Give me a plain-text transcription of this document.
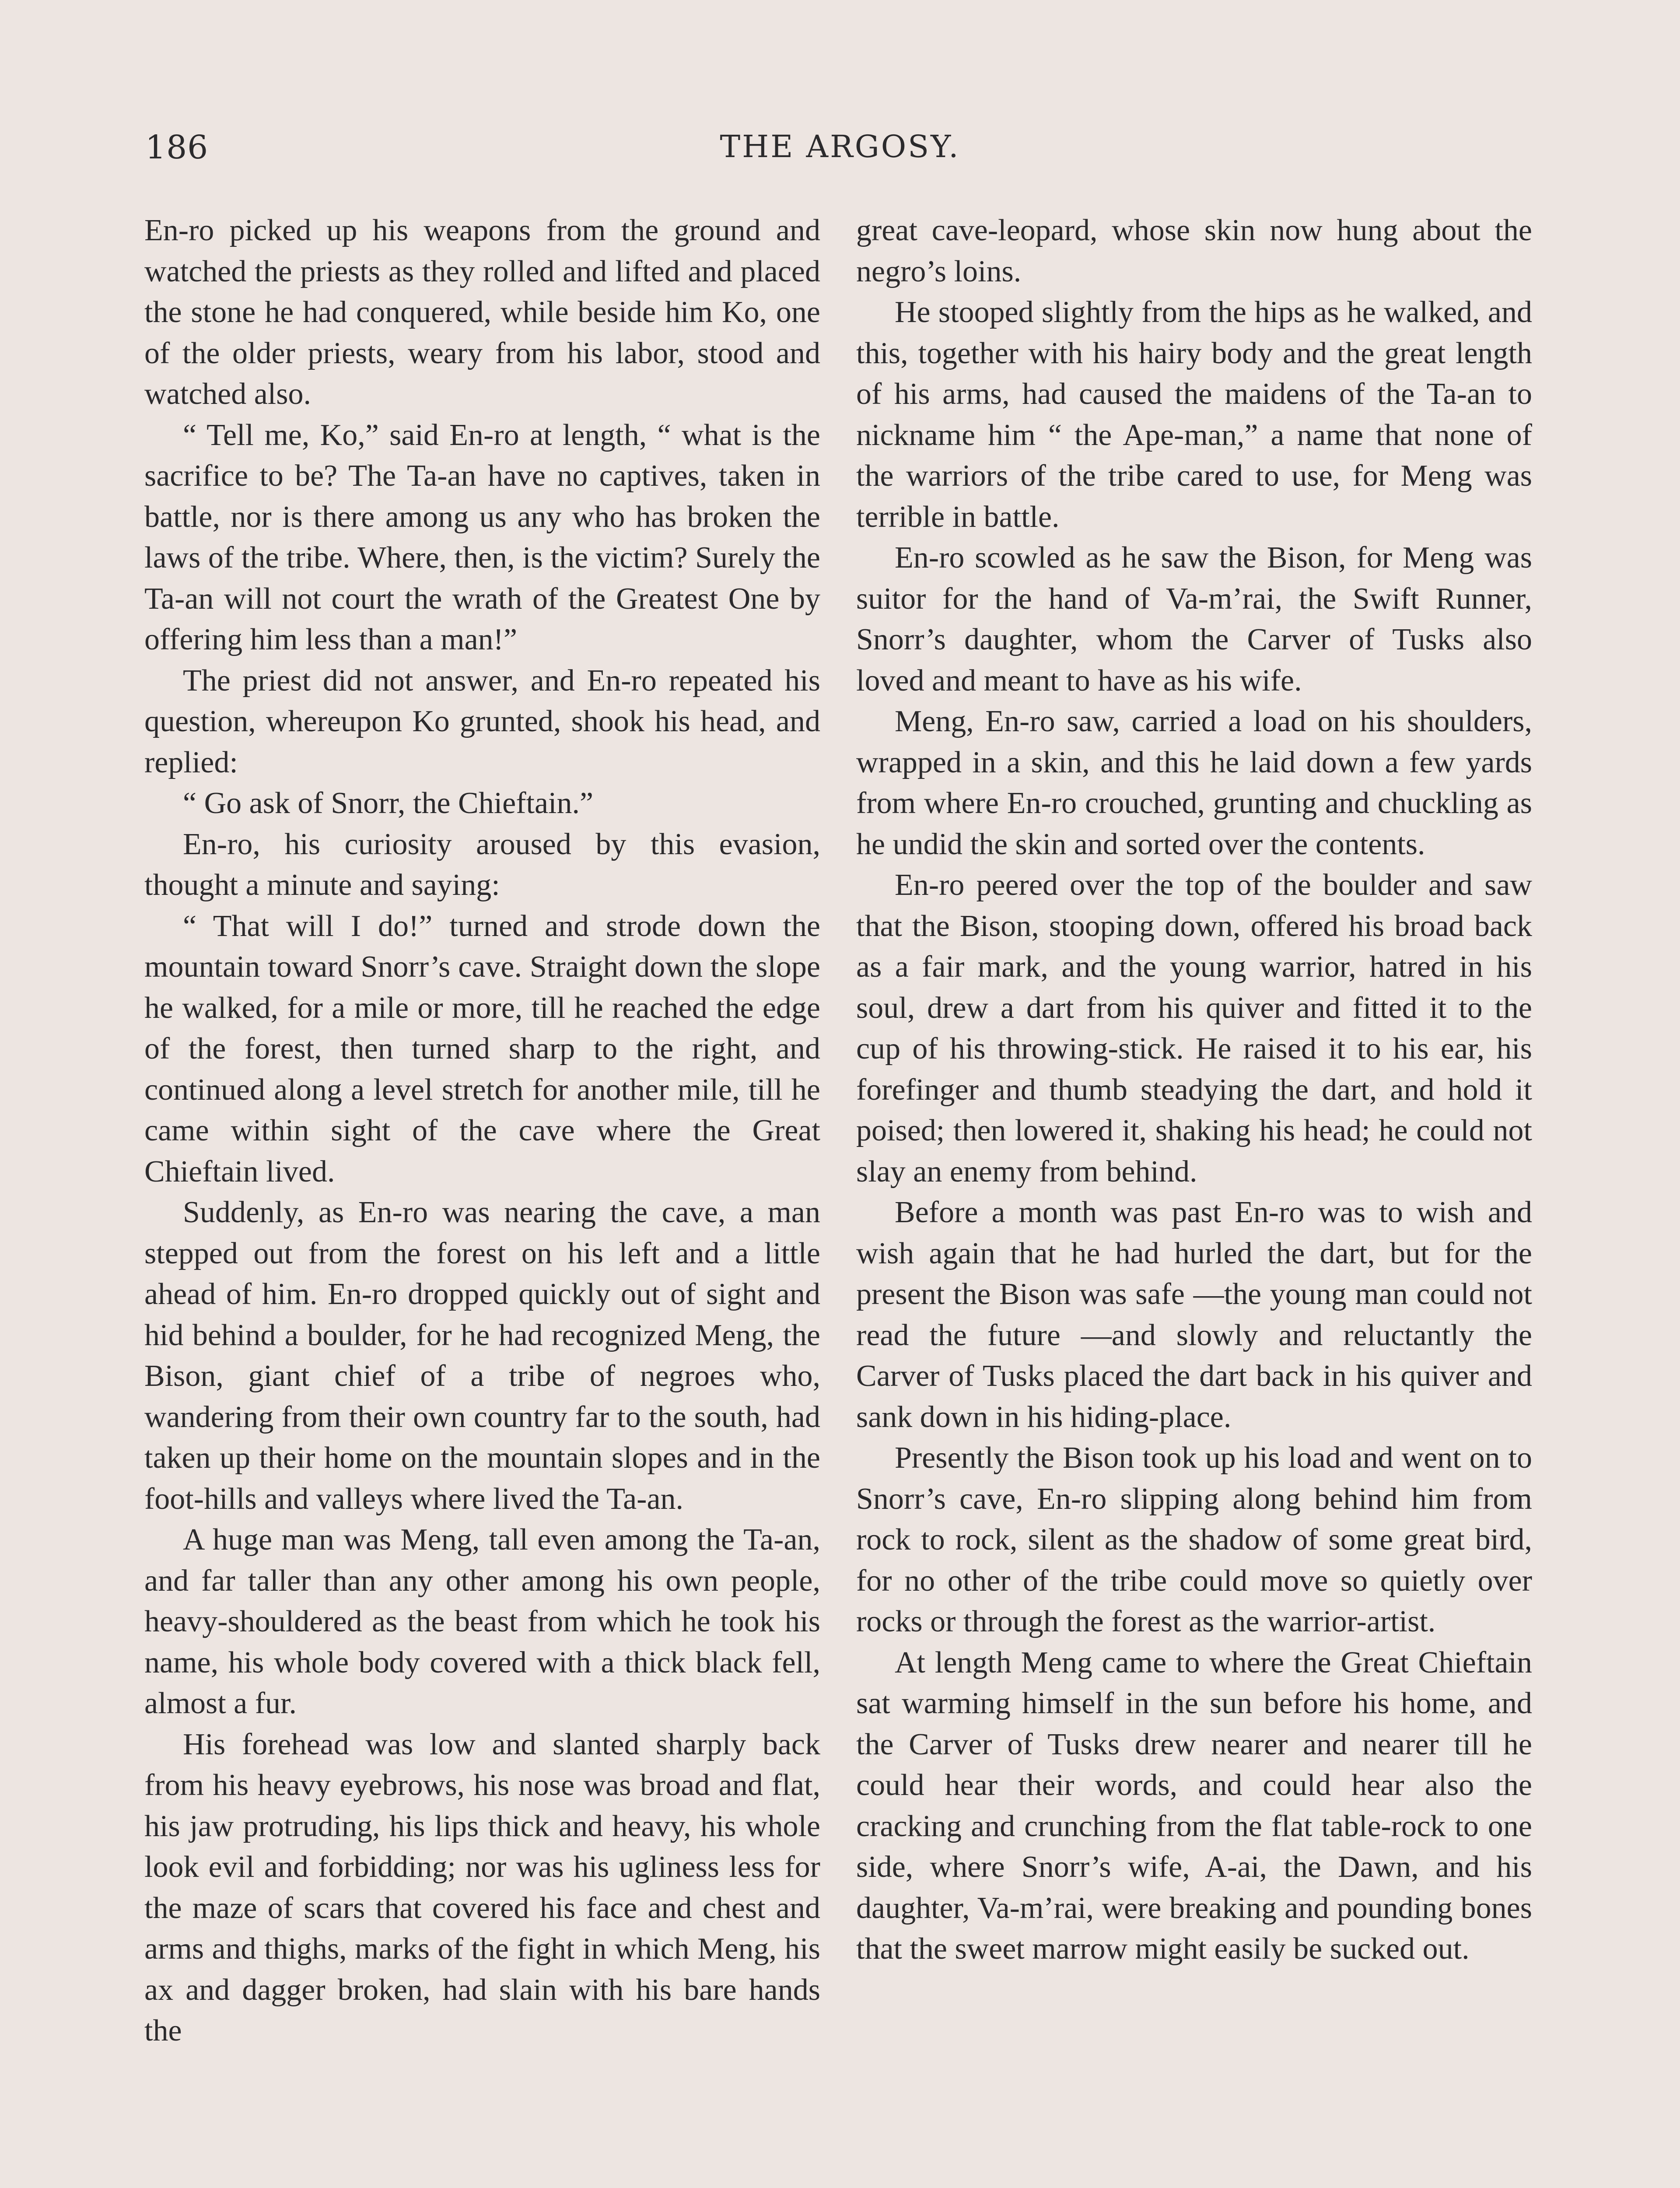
186	THE ARGOSY.

En-ro picked up his weapons from the ground and watched the priests as they rolled and lifted and placed the stone he had conquered, while beside him Ko, one of the older priests, weary from his labor, stood and watched also.

“ Tell me, Ko,” said En-ro at length, “ what is the sacrifice to be? The Ta-an have no captives, taken in battle, nor is there among us any who has broken the laws of the tribe. Where, then, is the victim? Surely the Ta-an will not court the wrath of the Greatest One by offering him less than a man!”

The priest did not answer, and En-ro repeated his question, whereupon Ko grunted, shook his head, and replied:

“ Go ask of Snorr, the Chieftain.”

En-ro, his curiosity aroused by this evasion, thought a minute and saying:

“ That will I do!” turned and strode down the mountain toward Snorr’s cave. Straight down the slope he walked, for a mile or more, till he reached the edge of the forest, then turned sharp to the right, and continued along a level stretch for another mile, till he came within sight of the cave where the Great Chieftain lived.

Suddenly, as En-ro was nearing the cave, a man stepped out from the forest on his left and a little ahead of him. En-ro dropped quickly out of sight and hid behind a boulder, for he had recognized Meng, the Bison, giant chief of a tribe of negroes who, wandering from their own country far to the south, had taken up their home on the mountain slopes and in the foot-hills and valleys where lived the Ta-an.

A huge man was Meng, tall even among the Ta-an, and far taller than any other among his own people, heavy-shouldered as the beast from which he took his name, his whole body covered with a thick black fell, almost a fur.

His forehead was low and slanted sharply back from his heavy eyebrows, his nose was broad and flat, his jaw protruding, his lips thick and heavy, his whole look evil and forbidding; nor was his ugliness less for the maze of scars that covered his face and chest and arms and thighs, marks of the fight in which Meng, his ax and dagger broken, had slain with his bare hands the

great cave-leopard, whose skin now hung about the negro’s loins.

He stooped slightly from the hips as he walked, and this, together with his hairy body and the great length of his arms, had caused the maidens of the Ta-an to nickname him “ the Ape-man,” a name that none of the warriors of the tribe cared to use, for Meng was terrible in battle.

En-ro scowled as he saw the Bison, for Meng was suitor for the hand of Va-m’rai, the Swift Runner, Snorr’s daughter, whom the Carver of Tusks also loved and meant to have as his wife.

Meng, En-ro saw, carried a load on his shoulders, wrapped in a skin, and this he laid down a few yards from where En-ro crouched, grunting and chuckling as he undid the skin and sorted over the contents.

En-ro peered over the top of the boulder and saw that the Bison, stooping down, offered his broad back as a fair mark, and the young warrior, hatred in his soul, drew a dart from his quiver and fitted it to the cup of his throwing-stick. He raised it to his ear, his forefinger and thumb steadying the dart, and hold it poised; then lowered it, shaking his head; he could not slay an enemy from behind.

Before a month was past En-ro was to wish and wish again that he had hurled the dart, but for the present the Bison was safe —the young man could not read the future —and slowly and reluctantly the Carver of Tusks placed the dart back in his quiver and sank down in his hiding-place.

Presently the Bison took up his load and went on to Snorr’s cave, En-ro slipping along behind him from rock to rock, silent as the shadow of some great bird, for no other of the tribe could move so quietly over rocks or through the forest as the warrior-artist.

At length Meng came to where the Great Chieftain sat warming himself in the sun before his home, and the Carver of Tusks drew nearer and nearer till he could hear their words, and could hear also the cracking and crunching from the flat table-rock to one side, where Snorr’s wife, A-ai, the Dawn, and his daughter, Va-m’rai, were breaking and pounding bones that the sweet marrow might easily be sucked out.
